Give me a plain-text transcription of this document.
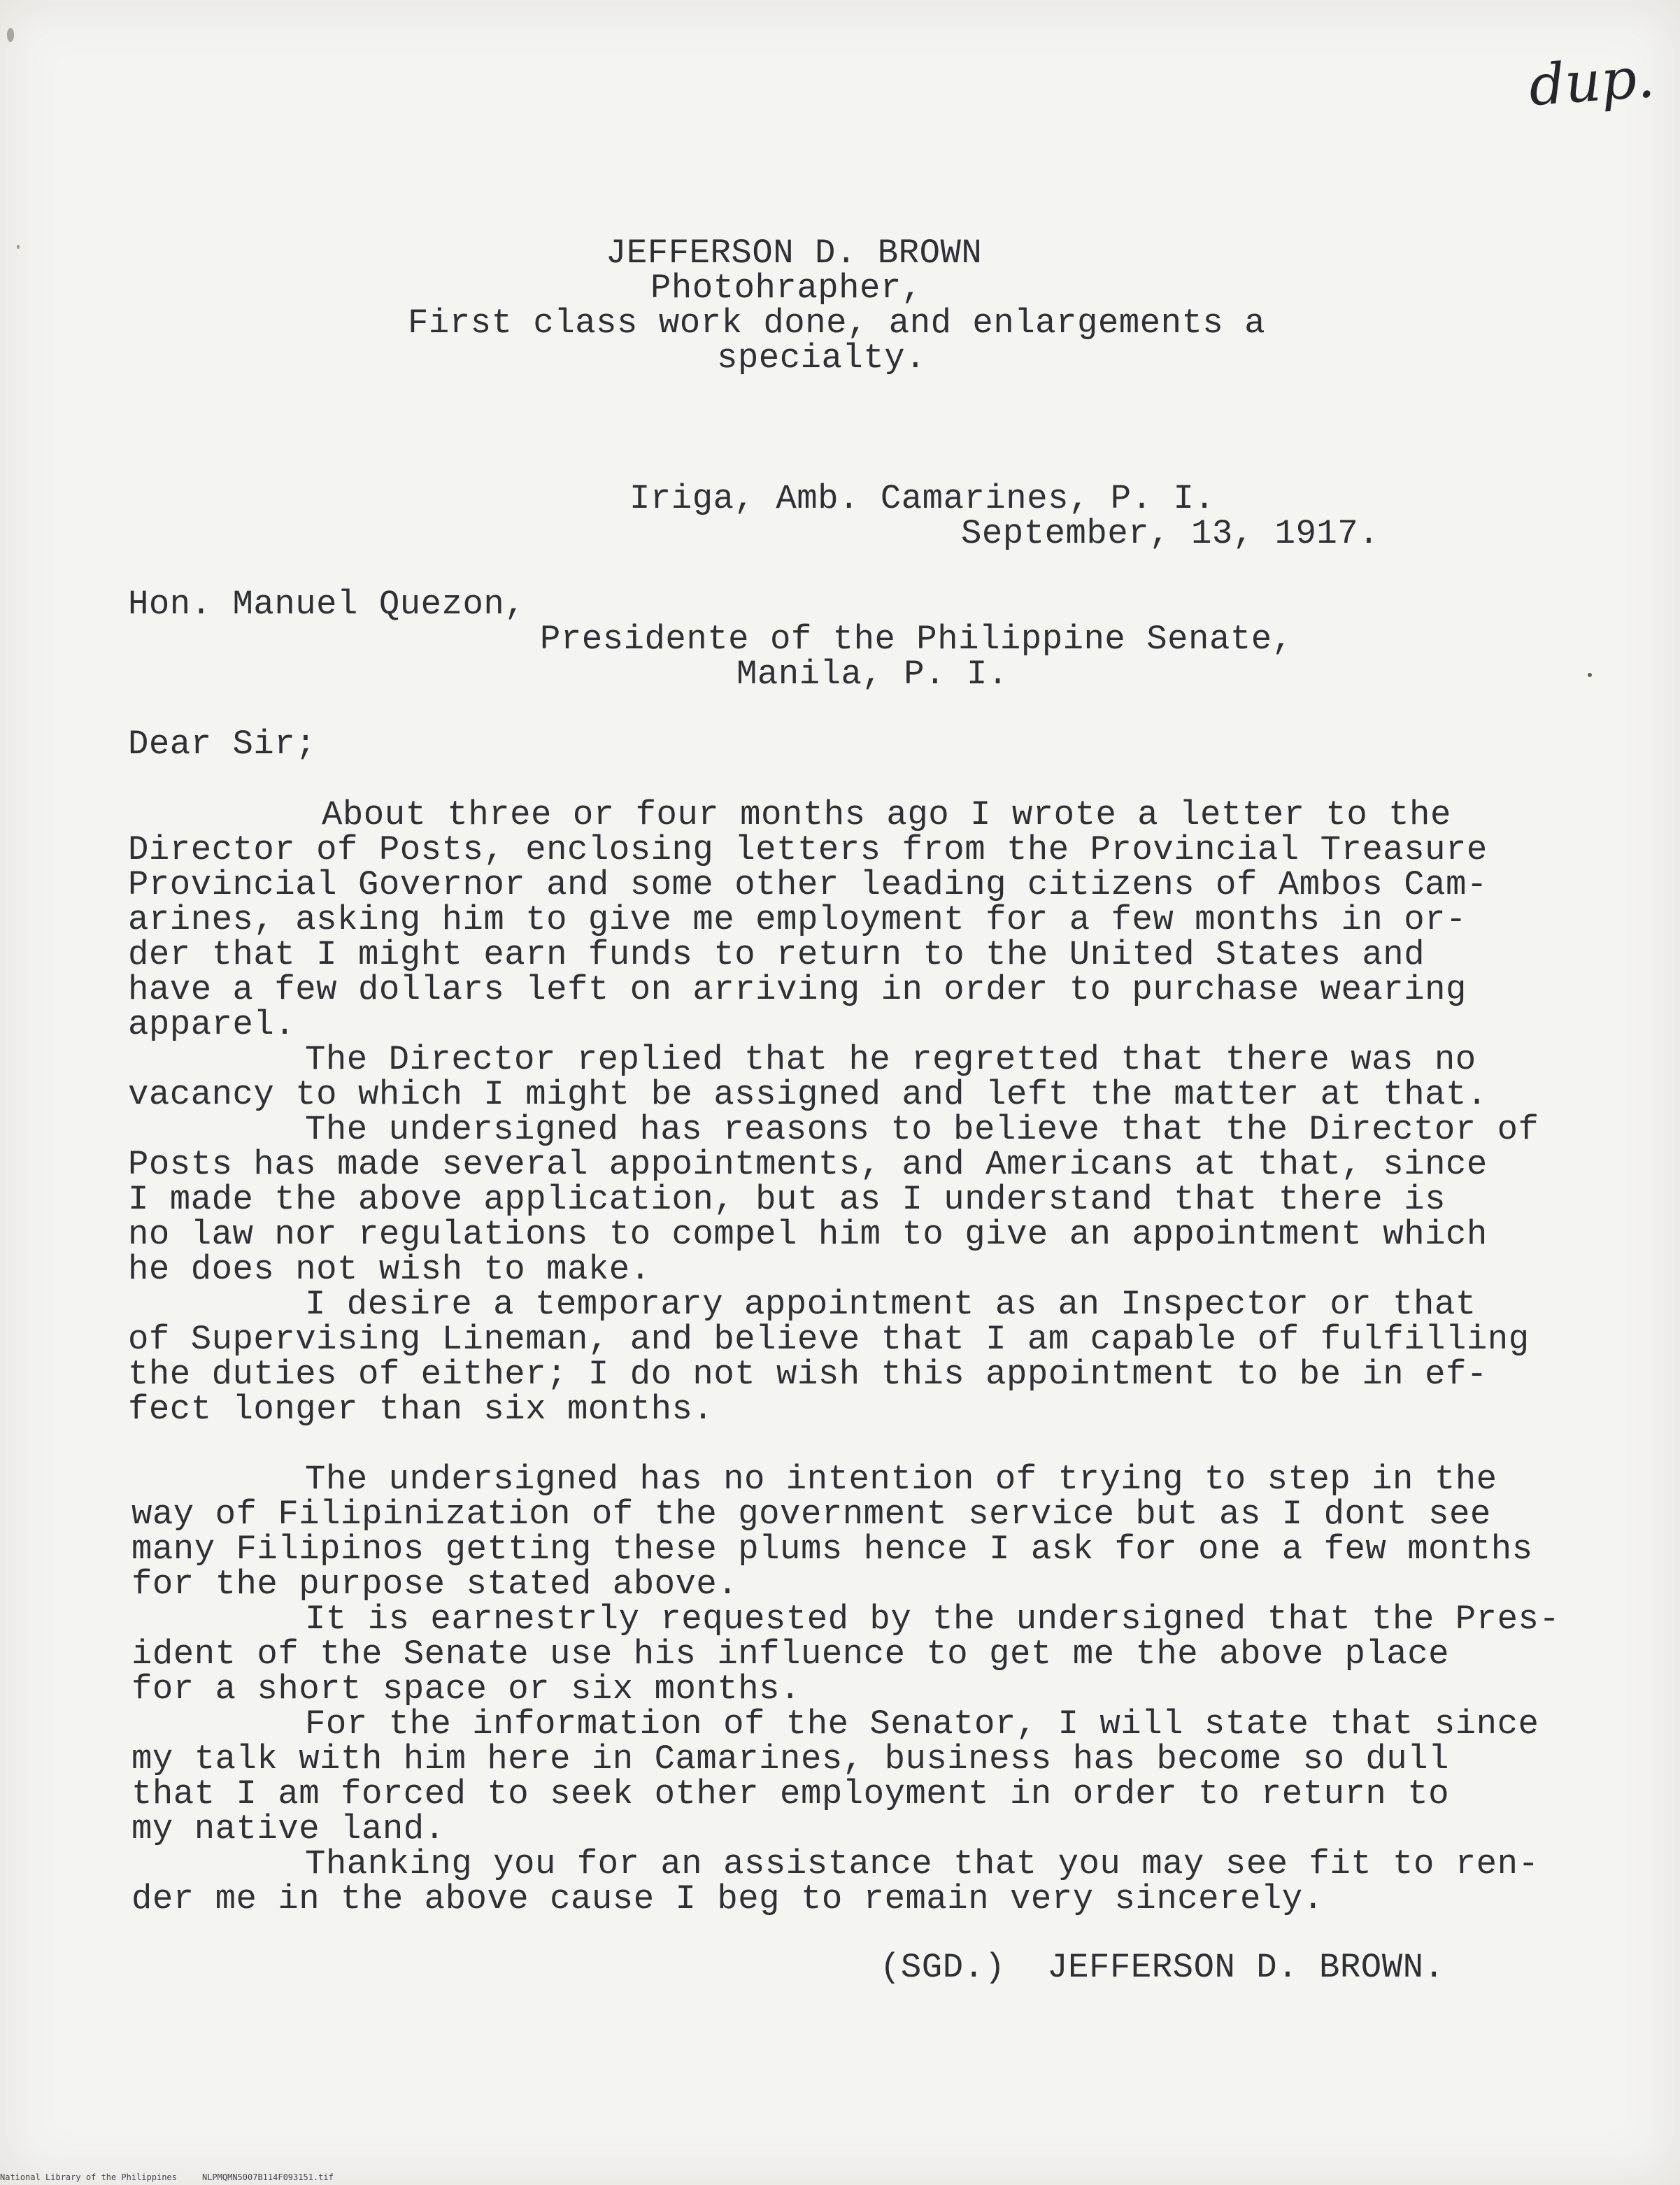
dup.
JEFFERSON D. BROWN
Photohrapher,
First class work done, and enlargements a
specialty.
Iriga, Amb. Camarines, P. I.
September, 13, 1917.
Hon. Manuel Quezon,
Presidente of the Philippine Senate,
Manila, P. I.
Dear Sir;
About three or four months ago I wrote a letter to the
Director of Posts, enclosing letters from the Provincial Treasure
Provincial Governor and some other leading citizens of Ambos Cam-
arines, asking him to give me employment for a few months in or-
der that I might earn funds to return to the United States and
have a few dollars left on arriving in order to purchase wearing
apparel.
The Director replied that he regretted that there was no
vacancy to which I might be assigned and left the matter at that.
The undersigned has reasons to believe that the Director of
Posts has made several appointments, and Americans at that, since
I made the above application, but as I understand that there is
no law nor regulations to compel him to give an appointment which
he does not wish to make.
I desire a temporary appointment as an Inspector or that
of Supervising Lineman, and believe that I am capable of fulfilling
the duties of either; I do not wish this appointment to be in ef-
fect longer than six months.
The undersigned has no intention of trying to step in the
way of Filipinization of the government service but as I dont see
many Filipinos getting these plums hence I ask for one a few months
for the purpose stated above.
It is earnestrly requested by the undersigned that the Pres-
ident of the Senate use his influence to get me the above place
for a short space or six months.
For the information of the Senator, I will state that since
my talk with him here in Camarines, business has become so dull
that I am forced to seek other employment in order to return to
my native land.
Thanking you for an assistance that you may see fit to ren-
der me in the above cause I beg to remain very sincerely.
(SGD.)  JEFFERSON D. BROWN.
National Library of the Philippines     NLPMQMN5007B114F093151.tif
